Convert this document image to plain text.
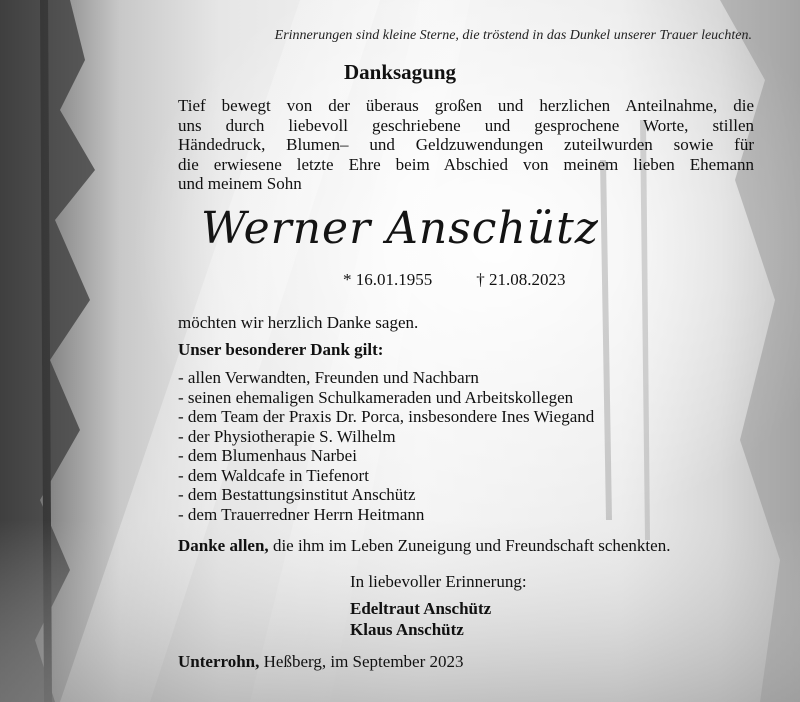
Erinnerungen sind kleine Sterne, die tröstend in das Dunkel unserer Trauer leuchten.
Danksagung
Tief bewegt von der überaus großen und herzlichen Anteilnahme, die
uns durch liebevoll geschriebene und gesprochene Worte, stillen
Händedruck, Blumen– und Geldzuwendungen zuteilwurden sowie für
die erwiesene letzte Ehre beim Abschied von meinem lieben Ehemann
und meinem Sohn
Werner Anschütz
* 16.01.1955	† 21.08.2023
möchten wir herzlich Danke sagen.
Unser besonderer Dank gilt:
- allen Verwandten, Freunden und Nachbarn
- seinen ehemaligen Schulkameraden und Arbeitskollegen
- dem Team der Praxis Dr. Porca, insbesondere Ines Wiegand
- der Physiotherapie S. Wilhelm
- dem Blumenhaus Narbei
- dem Waldcafe in Tiefenort
- dem Bestattungsinstitut Anschütz
- dem Trauerredner Herrn Heitmann
Danke allen, die ihm im Leben Zuneigung und Freundschaft schenkten.
In liebevoller Erinnerung:
Edeltraut Anschütz
Klaus Anschütz
Unterrohn, Heßberg, im September 2023
